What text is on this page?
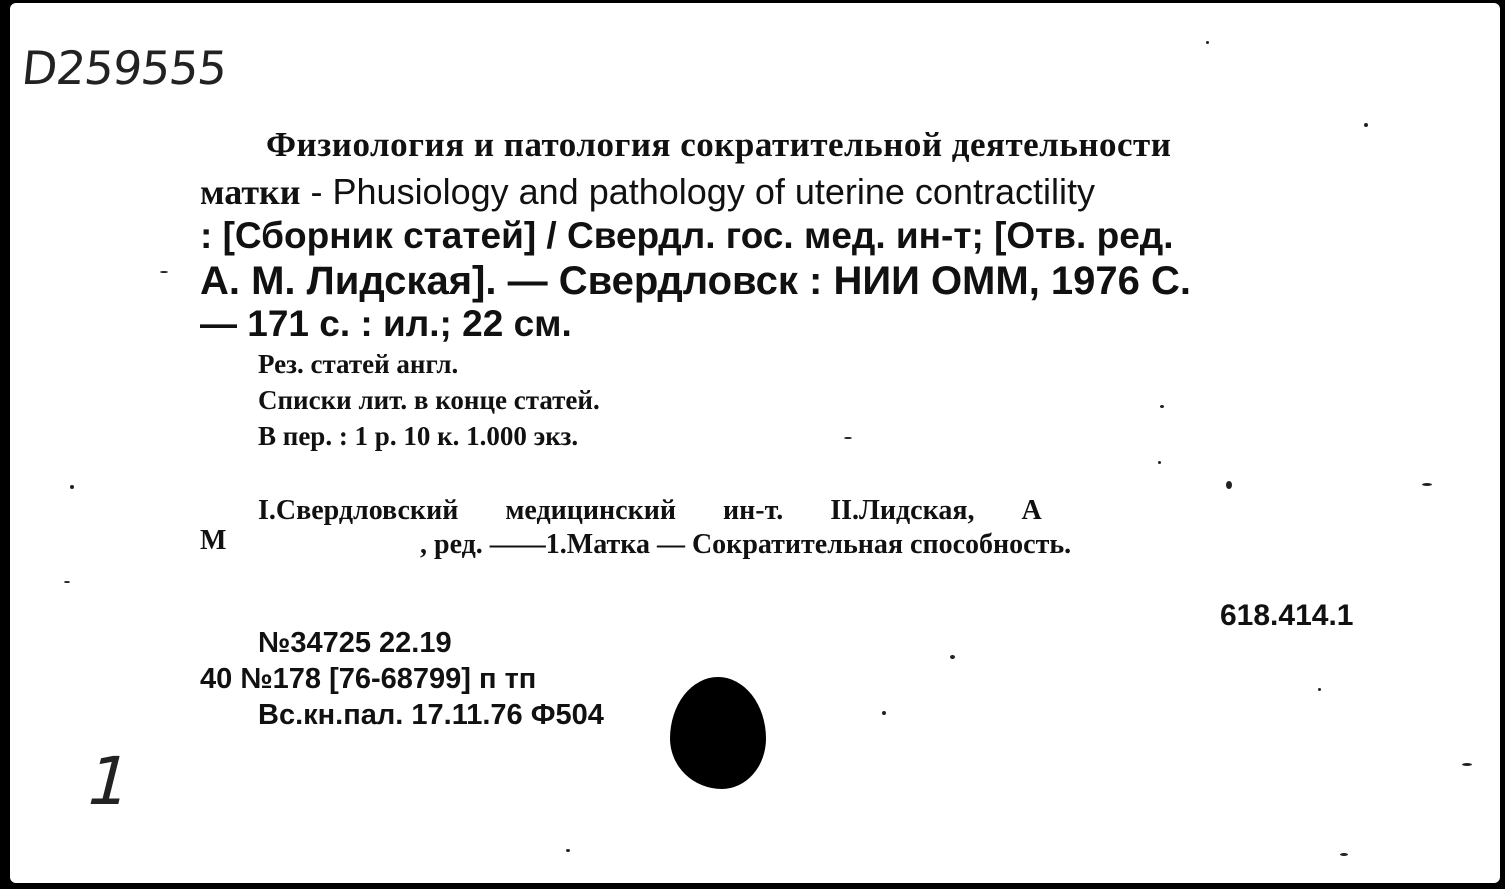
D259555
Физиология и патология сократительной деятельности
матки - Phusiology and pathology of uterine contractility
: [Сборник статей] / Свердл. гос. мед. ин-т; [Отв. ред.
А. М. Лидская]. — Свердловск : НИИ ОММ, 1976 С.
— 171 с. : ил.; 22 см.
Рез. статей англ.
Списки лит. в конце статей.
В пер. : 1 р. 10 к. 1.000 экз.
I.Свердловский медицинский ин-т. II.Лидская, А
М	, ред. ——1.Матка — Сократительная способность.
618.414.1
№34725 22.19
40 №178 [76-68799] п тп
Вс.кн.пал. 17.11.76 Ф504
1
